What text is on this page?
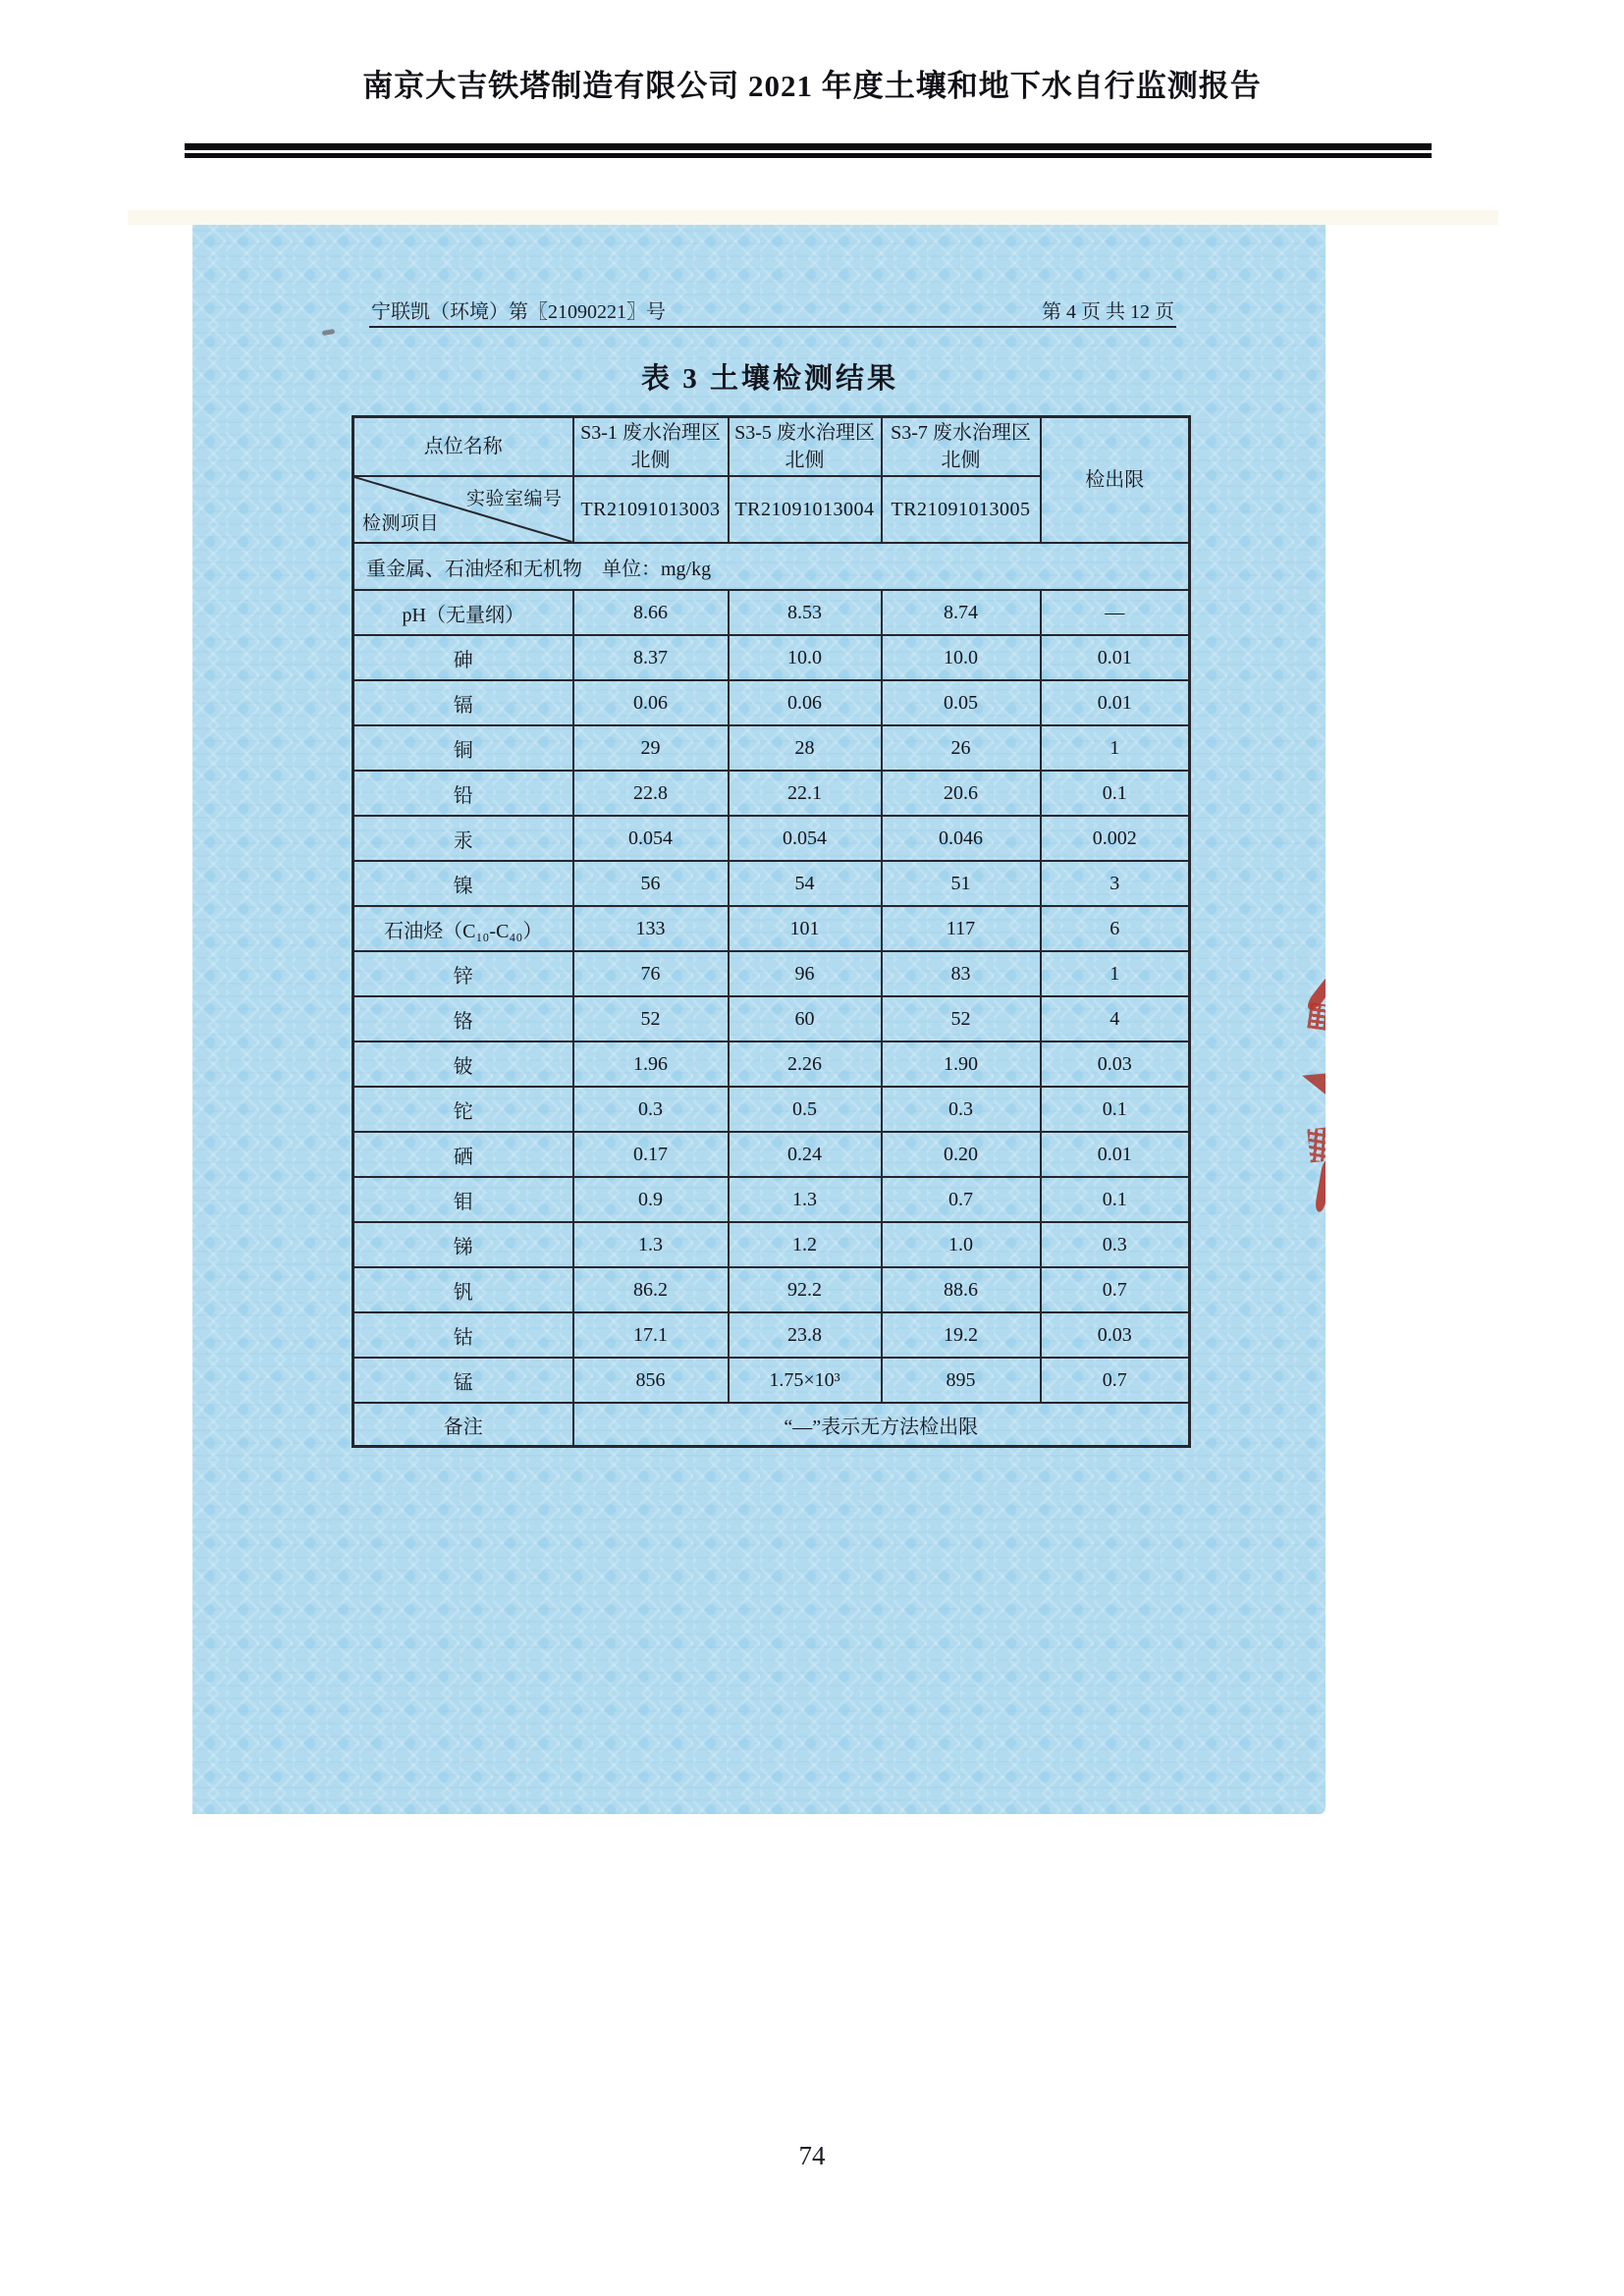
南京大吉铁塔制造有限公司 2021 年度土壤和地下水自行监测报告
宁联凯（环境）第〖21090221〗号	第 4 页 共 12 页
表 3 土壤检测结果
点位名称	S3-1 废水治理区北侧	S3-5 废水治理区北侧	S3-7 废水治理区北侧	检出限

实验室编号
检测项目	TR21091013003	TR21091013004	TR21091013005	
重金属、石油烃和无机物　单位：mg/kg				
pH（无量纲）	8.66	8.53	8.74	—
砷	8.37	10.0	10.0	0.01
镉	0.06	0.06	0.05	0.01
铜	29	28	26	1
铅	22.8	22.1	20.6	0.1
汞	0.054	0.054	0.046	0.002
镍	56	54	51	3
石油烃（C₁₀-C₄₀）	133	101	117	6
锌	76	96	83	1
铬	52	60	52	4
铍	1.96	2.26	1.90	0.03
铊	0.3	0.5	0.3	0.1
硒	0.17	0.24	0.20	0.01
钼	0.9	1.3	0.7	0.1
锑	1.3	1.2	1.0	0.3
钒	86.2	92.2	88.6	0.7
钴	17.1	23.8	19.2	0.03
锰	856	1.75×10³	895	0.7
备注	“—”表示无方法检出限			
74
